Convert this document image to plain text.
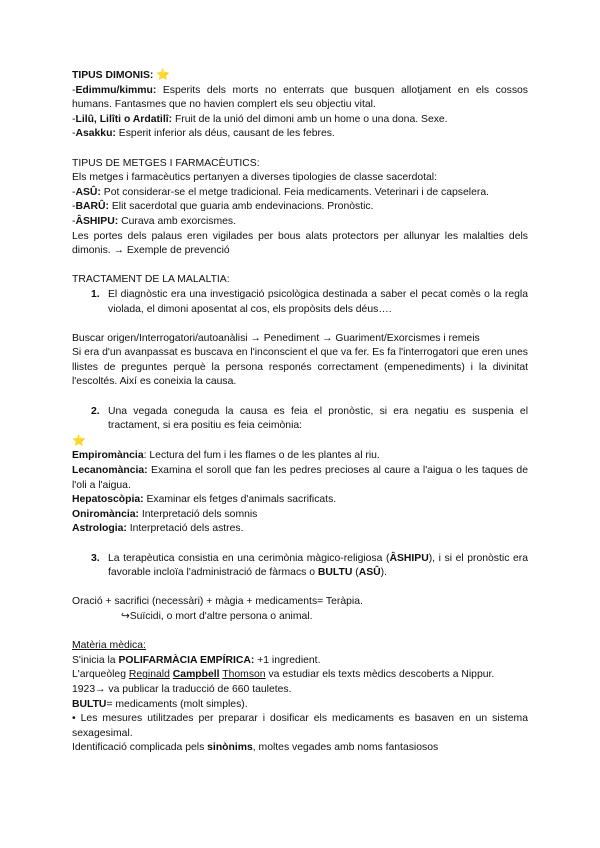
TIPUS DIMONIS: ⭐

-Edimmu/kimmu: Esperits dels morts no enterrats que busquen allotjament en els cossos humans. Fantasmes que no havien complert els seu objectiu vital.

-Lilû, Lilîti o Ardatilî: Fruit de la unió del dimoni amb un home o una dona. Sexe.

-Asakku: Esperit inferior als déus, causant de les febres.

TIPUS DE METGES I FARMACÈUTICS:

Els metges i farmacèutics pertanyen a diverses tipologies de classe sacerdotal:

-ASÛ: Pot considerar-se el metge tradicional. Feia medicaments. Veterinari i de capselera.

-BARÛ: Elit sacerdotal que guaria amb endevinacions. Pronòstic.

-ÂSHIPU: Curava amb exorcismes.

Les portes dels palaus eren vigilades per bous alats protectors per allunyar les malalties dels dimonis. → Exemple de prevenció

TRACTAMENT DE LA MALALTIA:

1. El diagnòstic era una investigació psicològica destinada a saber el pecat comès o la regla violada, el dimoni aposentat al cos, els propòsits dels déus….

Buscar origen/Interrogatori/autoanàlisi → Penediment → Guariment/Exorcismes i remeis

Si era d'un avanpassat es buscava en l'inconscient el que va fer. Es fa l'interrogatori que eren unes llistes de preguntes perquè la persona responés correctament (empenediments) i la divinitat l'escoltés. Així es coneixia la causa.

2. Una vegada coneguda la causa es feia el pronòstic, si era negatiu es suspenia el tractament, si era positiu es feia ceimònia:

⭐

Empiromància: Lectura del fum i les flames o de les plantes al riu.

Lecanomància: Examina el soroll que fan les pedres precioses al caure a l'aigua o les taques de l'oli a l'aigua.

Hepatoscòpia: Examinar els fetges d'animals sacrificats.

Oniromància: Interpretació dels somnis

Astrologia: Interpretació dels astres.

3. La terapèutica consistia en una cerimònia màgico-religiosa (ÂSHIPU), i si el pronòstic era favorable incloïa l'administració de fàrmacs o BULTU (ASÛ).

Oració + sacrifici (necessàri) + màgia + medicaments= Teràpia.

↪Suïcidi, o mort d'altre persona o animal.

Matèria mèdica:

S'inicia la POLIFARMÀCIA EMPÍRICA: +1 ingredient.

L'arqueòleg Reginald Campbell Thomson va estudiar els texts mèdics descoberts a Nippur.

1923→ va publicar la traducció de 660 tauletes.

BULTU= medicaments (molt simples).

• Les mesures utilitzades per preparar i dosificar els medicaments es basaven en un sistema sexagesimal.

Identificació complicada pels sinònims, moltes vegades amb noms fantasiosos
